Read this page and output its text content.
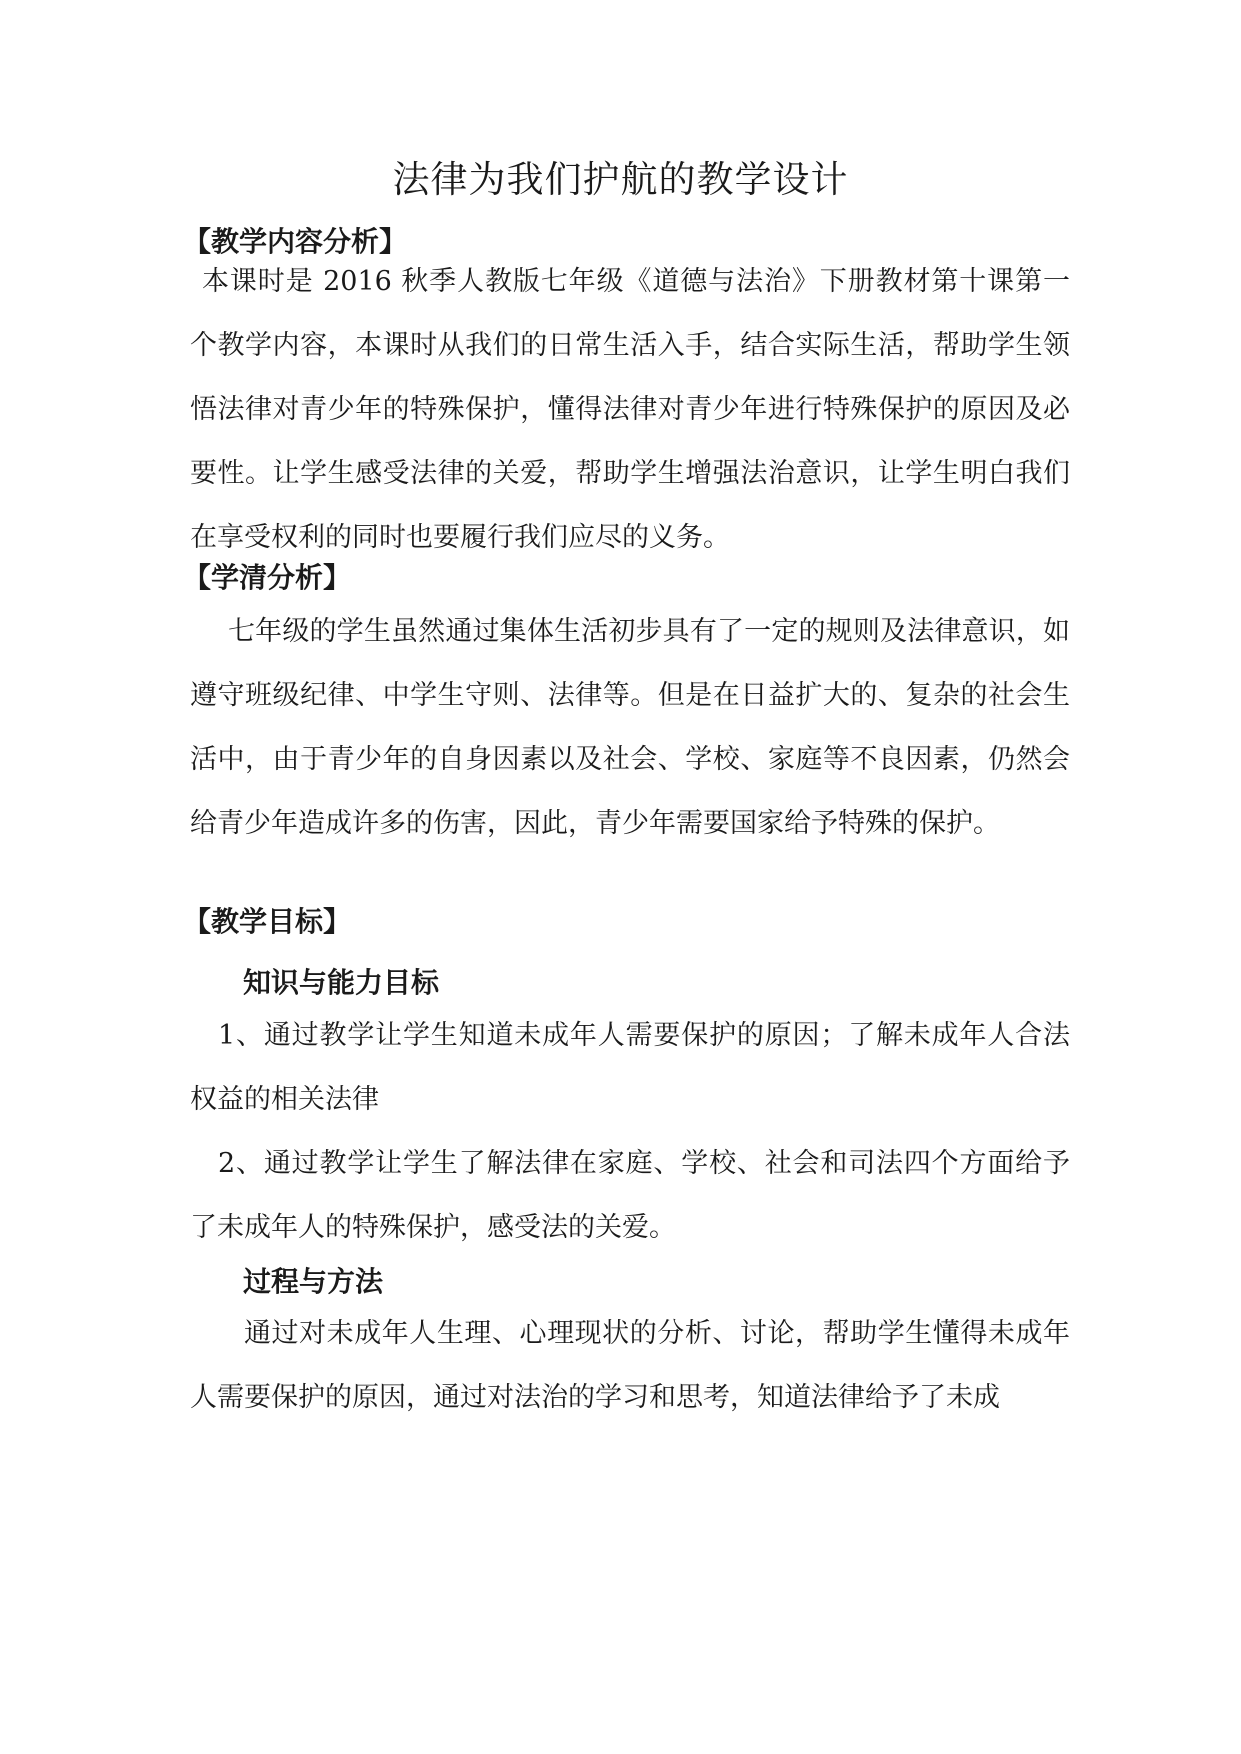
法律为我们护航的教学设计
【教学内容分析】
本课时是 2016 秋季人教版七年级《道德与法治》下册教材第十课第一个教学内容，本课时从我们的日常生活入手，结合实际生活，帮助学生领悟法律对青少年的特殊保护，懂得法律对青少年进行特殊保护的原因及必要性。让学生感受法律的关爱，帮助学生增强法治意识，让学生明白我们在享受权利的同时也要履行我们应尽的义务。
【学清分析】
七年级的学生虽然通过集体生活初步具有了一定的规则及法律意识，如遵守班级纪律、中学生守则、法律等。但是在日益扩大的、复杂的社会生活中，由于青少年的自身因素以及社会、学校、家庭等不良因素，仍然会给青少年造成许多的伤害，因此，青少年需要国家给予特殊的保护。
【教学目标】
知识与能力目标
1、通过教学让学生知道未成年人需要保护的原因；了解未成年人合法权益的相关法律
2、通过教学让学生了解法律在家庭、学校、社会和司法四个方面给予了未成年人的特殊保护，感受法的关爱。
过程与方法
通过对未成年人生理、心理现状的分析、讨论，帮助学生懂得未成年人需要保护的原因，通过对法治的学习和思考，知道法律给予了未成
